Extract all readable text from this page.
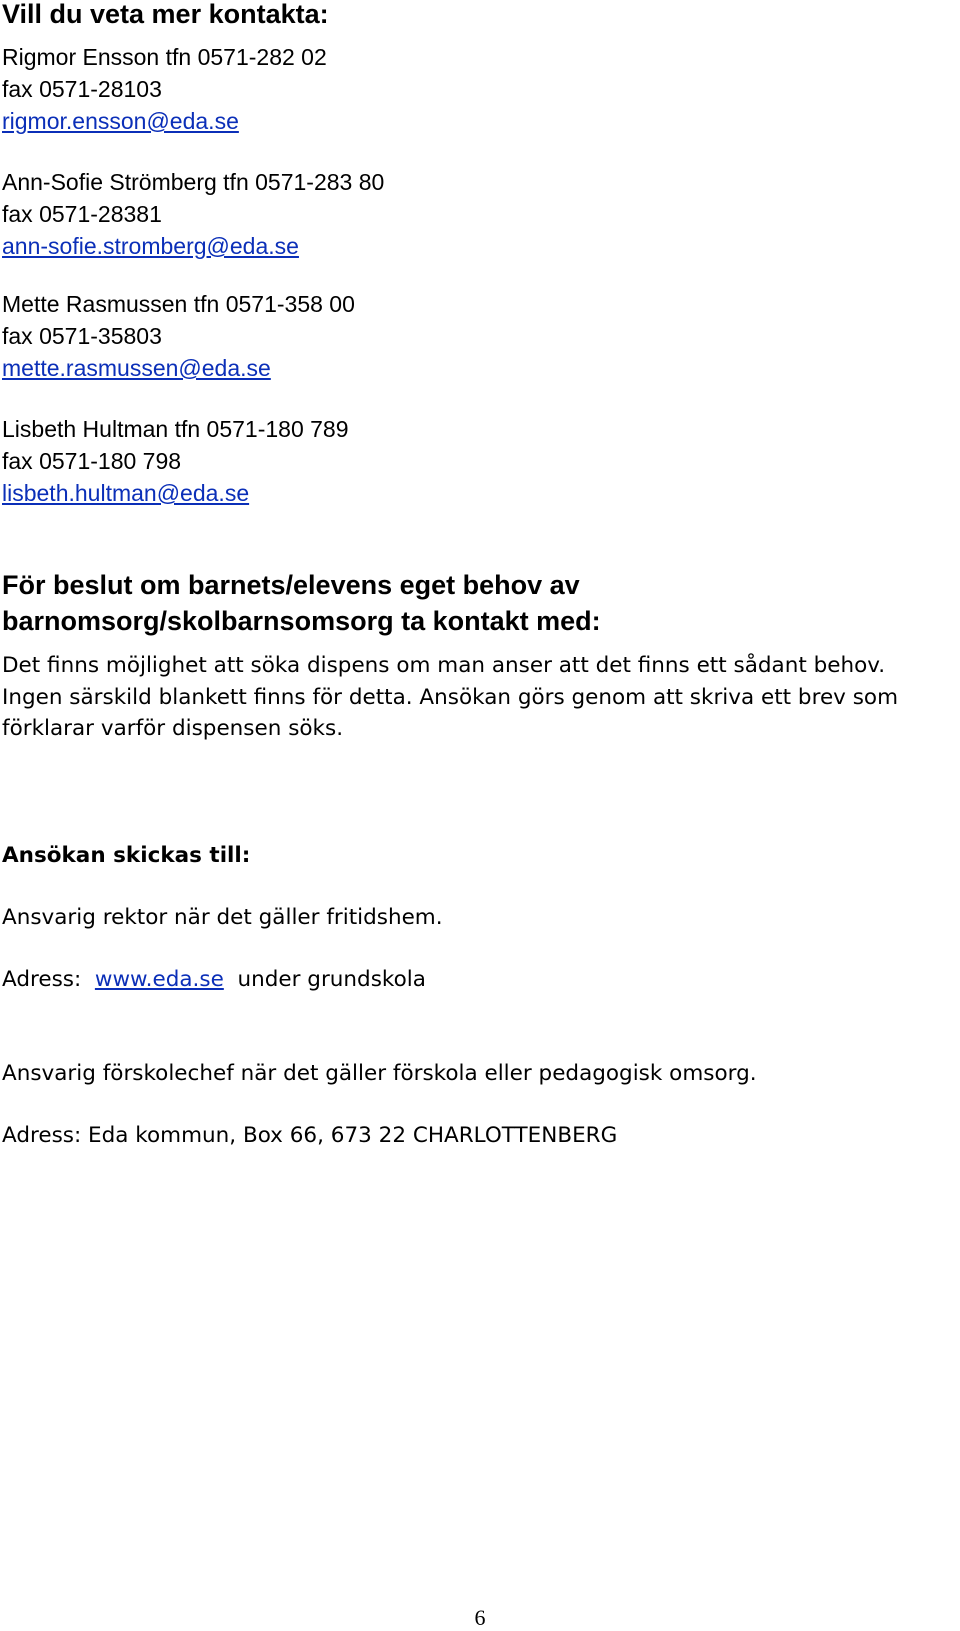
Vill du veta mer kontakta:
Rigmor Ensson tfn 0571-282 02
fax 0571-28103
rigmor.ensson@eda.se
Ann-Sofie Strömberg tfn 0571-283 80
fax 0571-28381
ann-sofie.stromberg@eda.se
Mette Rasmussen tfn 0571-358 00
fax 0571-35803
mette.rasmussen@eda.se
Lisbeth Hultman tfn 0571-180 789
fax 0571-180 798
lisbeth.hultman@eda.se
För beslut om barnets/elevens eget behov av barnomsorg/skolbarnsomsorg ta kontakt med:

Det finns möjlighet att söka dispens om man anser att det finns ett sådant behov. Ingen särskild blankett finns för detta. Ansökan görs genom att skriva ett brev som förklarar varför dispensen söks.

Ansökan skickas till:
Ansvarig rektor när det gäller fritidshem.
Adress: www.eda.se under grundskola
Ansvarig förskolechef när det gäller förskola eller pedagogisk omsorg.
Adress: Eda kommun, Box 66, 673 22 CHARLOTTENBERG
6
